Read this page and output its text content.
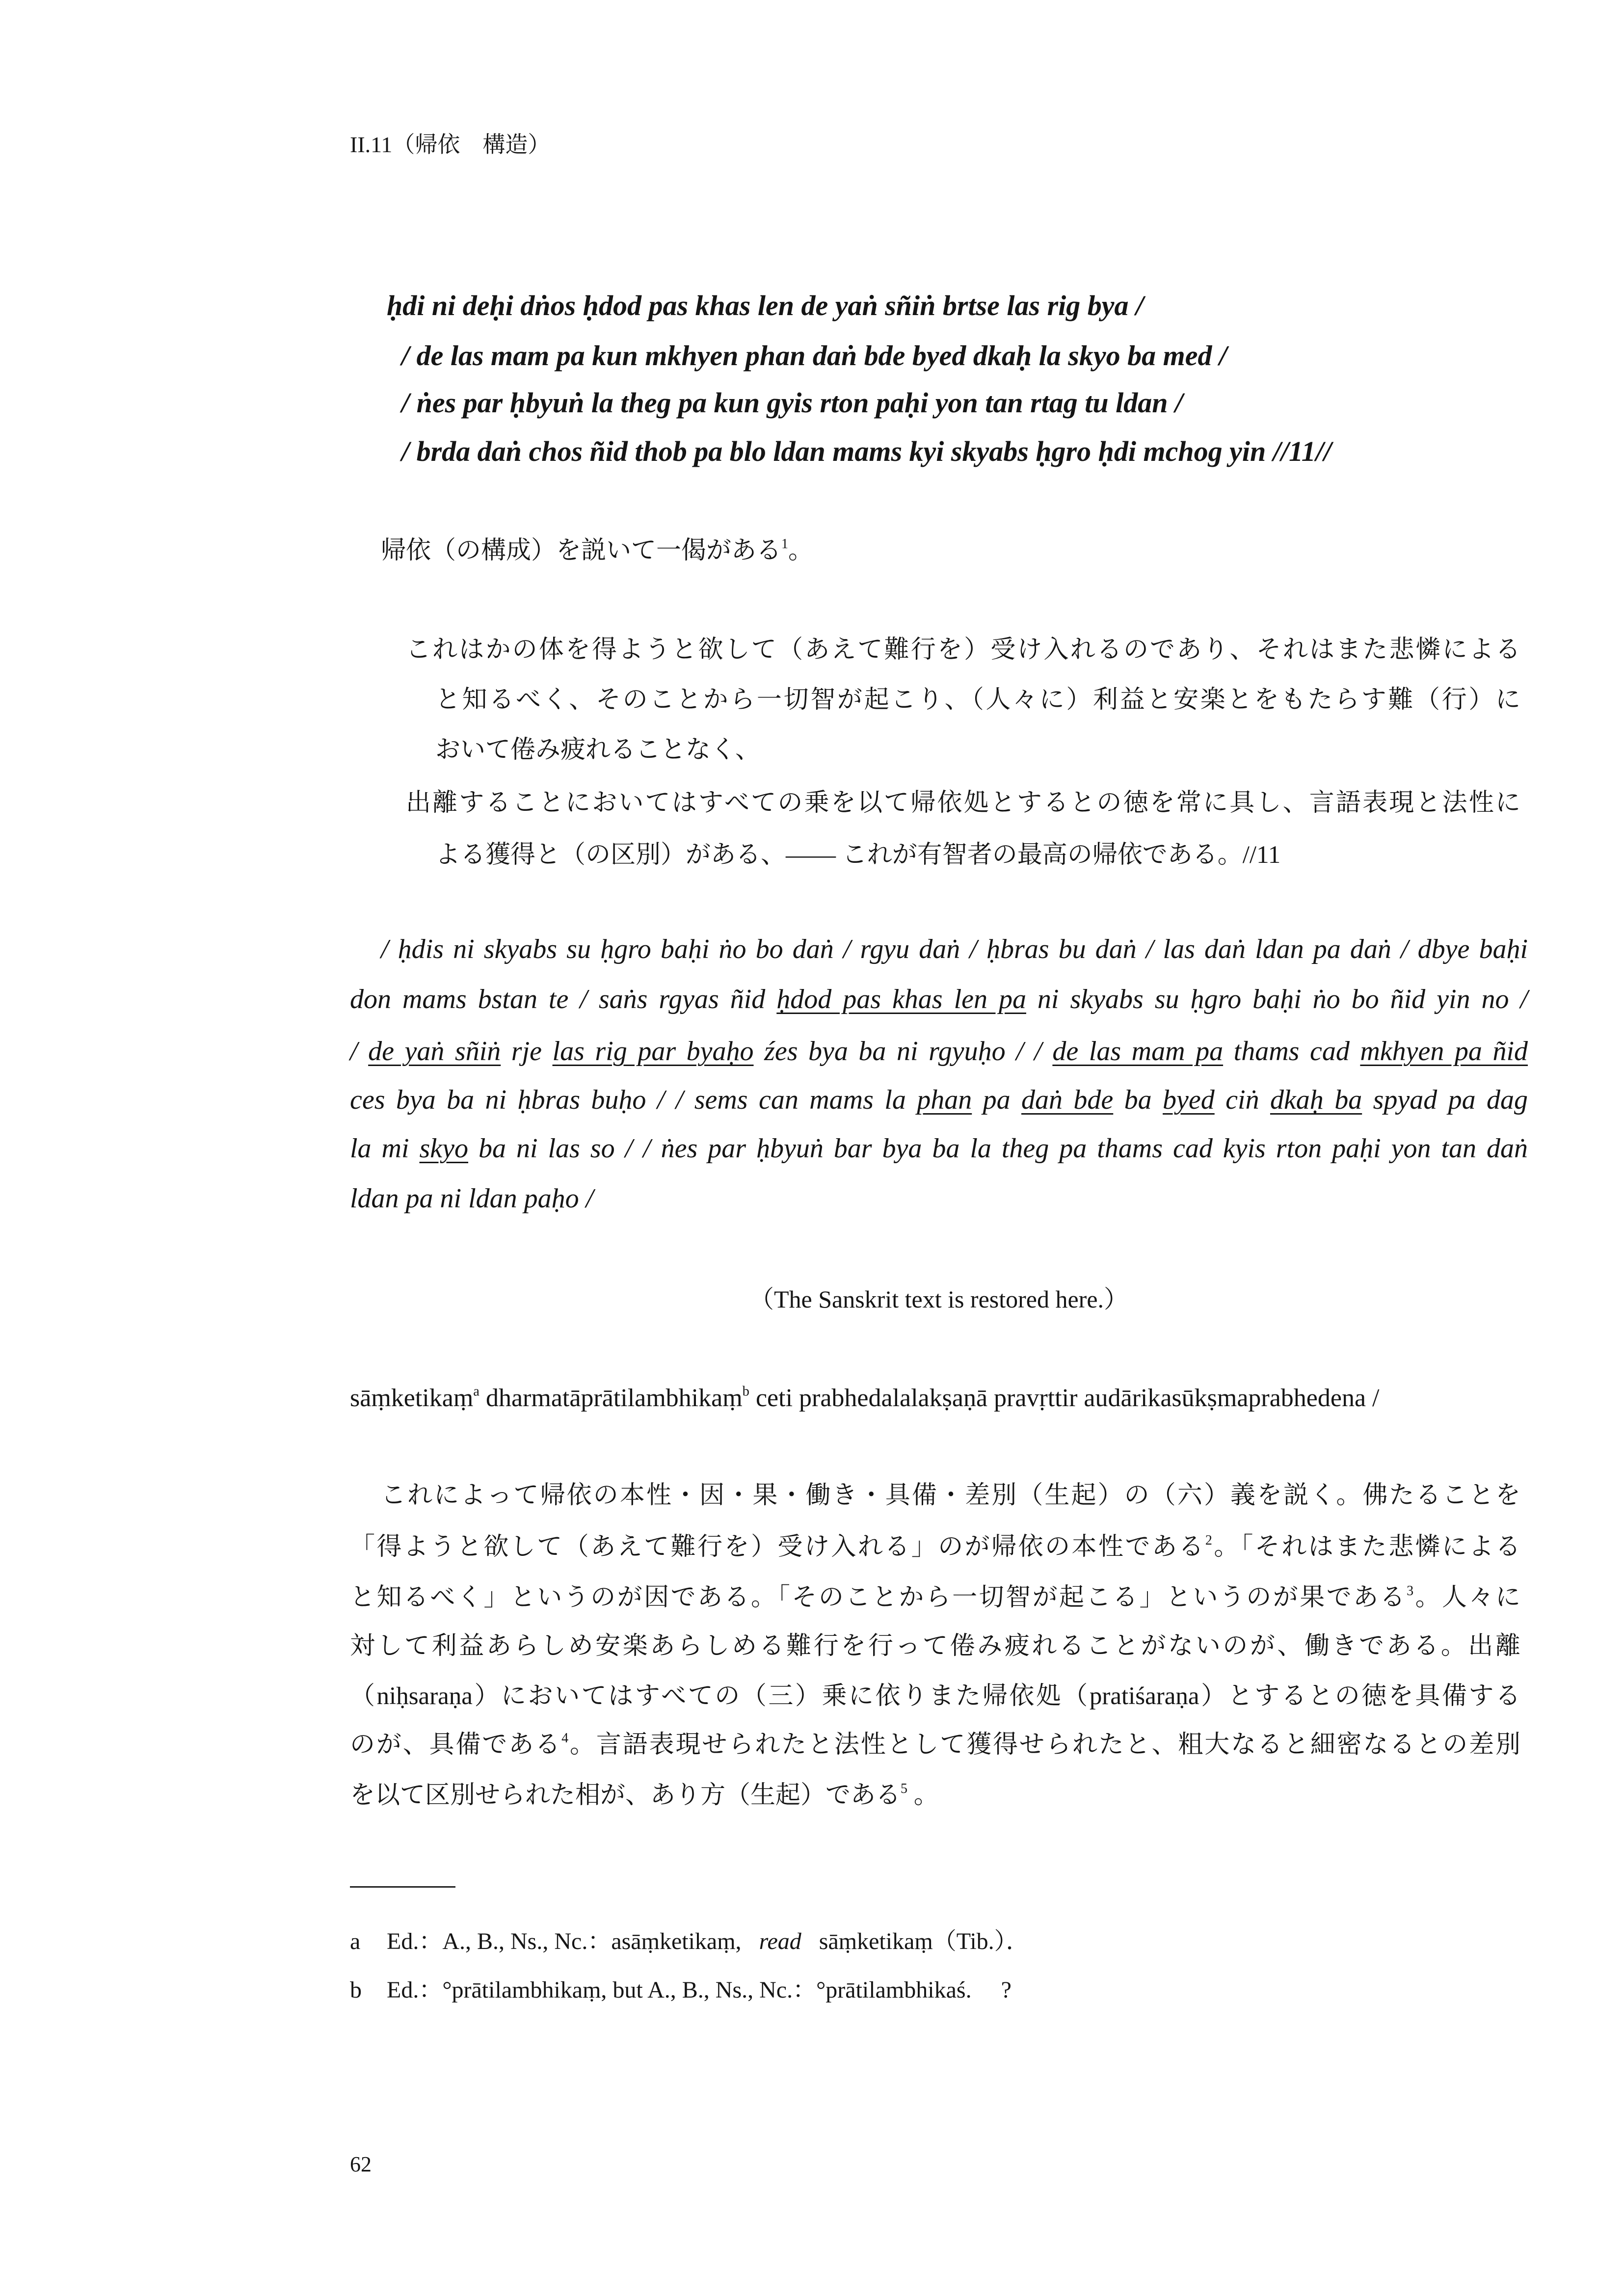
II.11（帰依　構造）
ḥdi ni deḥi dṅos ḥdod pas khas len de yaṅ sñiṅ brtse las rig bya /
/ de las mam pa kun mkhyen phan daṅ bde byed dkaḥ la skyo ba med /
/ ṅes par ḥbyuṅ la theg pa kun gyis rton paḥi yon tan rtag tu ldan /
/ brda daṅ chos ñid thob pa blo ldan mams kyi skyabs ḥgro ḥdi mchog yin //11//
帰依（の構成）を説いて一偈がある$^1$。
これはかの体を得ようと欲して（あえて難行を）受け入れるのであり、それはまた悲憐による
と知るべく、そのことから一切智が起こり、（人々に）利益と安楽とをもたらす難（行）に
おいて倦み疲れることなく、
出離することにおいてはすべての乗を以て帰依処とするとの徳を常に具し、言語表現と法性に
よる獲得と（の区別）がある、―― これが有智者の最高の帰依である。//11
/ ḥdis ni skyabs su ḥgro baḥi ṅo bo daṅ / rgyu daṅ / ḥbras bu daṅ / las daṅ ldan pa daṅ / dbye baḥi
don mams bstan te / saṅs rgyas ñid ḥdod pas khas len pa ni skyabs su ḥgro baḥi ṅo bo ñid yin no /
/ de yaṅ sñiṅ rje las rig par byaḥo źes bya ba ni rgyuḥo / / de las mam pa thams cad mkhyen pa ñid
ces bya ba ni ḥbras buḥo / / sems can mams la phan pa daṅ bde ba byed ciṅ dkaḥ ba spyad pa dag
la mi skyo ba ni las so / / ṅes par ḥbyuṅ bar bya ba la theg pa thams cad kyis rton paḥi yon tan daṅ
ldan pa ni ldan paḥo /
（The Sanskrit text is restored here.）
sāṃketikaṃ$^a$ dharmatāprātilambhikaṃ$^b$ ceti prabhedalalakṣaṇā pravṛttir audārikasūkṣmaprabhedena /
これによって帰依の本性・因・果・働き・具備・差別（生起）の（六）義を説く。佛たることを
「得ようと欲して（あえて難行を）受け入れる」のが帰依の本性である$^2$。「それはまた悲憐による
と知るべく」というのが因である。「そのことから一切智が起こる」というのが果である$^3$。人々に
対して利益あらしめ安楽あらしめる難行を行って倦み疲れることがないのが、働きである。出離
（niḥsaraṇa）においてはすべての（三）乗に依りまた帰依処（pratiśaraṇa）とするとの徳を具備する
のが、具備である$^4$。言語表現せられたと法性として獲得せられたと、粗大なると細密なるとの差別
を以て区別せられた相が、あり方（生起）である$^5$ 。
a Ed.：A., B., Ns., Nc.：asāṃketikaṃ, read sāṃketikaṃ（Tib.）．
b Ed.：°prātilambhikaṃ, but A., B., Ns., Nc.：°prātilambhikaś. ?
62
